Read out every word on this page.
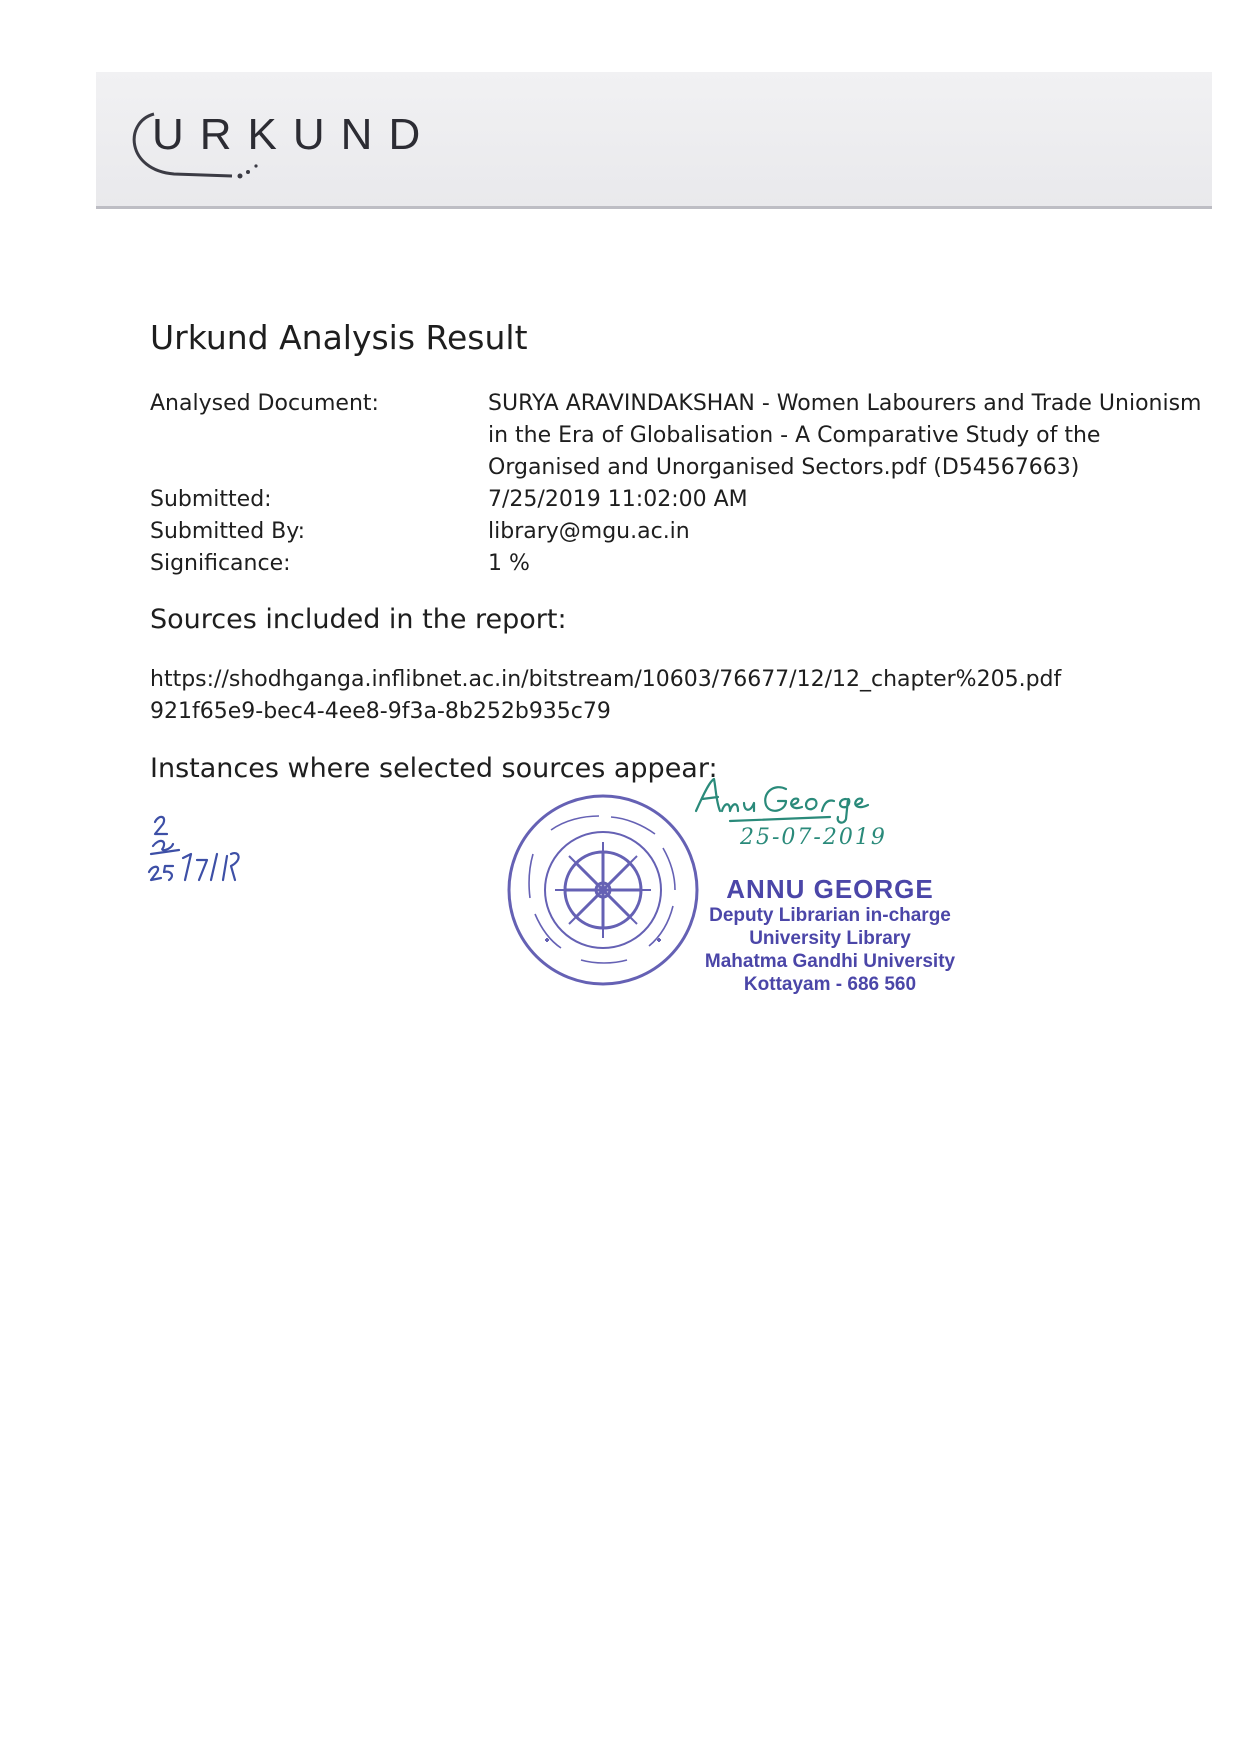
URKUND
Urkund Analysis Result
Analysed Document:	SURYA ARAVINDAKSHAN - Women Labourers and Trade Unionism in the Era of Globalisation - A Comparative Study of the Organised and Unorganised Sectors.pdf (D54567663)
Submitted:	7/25/2019 11:02:00 AM
Submitted By:	library@mgu.ac.in
Significance:	1 %
Sources included in the report:
https://shodhganga.inflibnet.ac.in/bitstream/10603/76677/12/12_chapter%205.pdf
921f65e9-bec4-4ee8-9f3a-8b252b935c79
Instances where selected sources appear:
25-07-2019
ANNU GEORGE
Deputy Librarian in-charge
University Library
Mahatma Gandhi University
Kottayam - 686 560
